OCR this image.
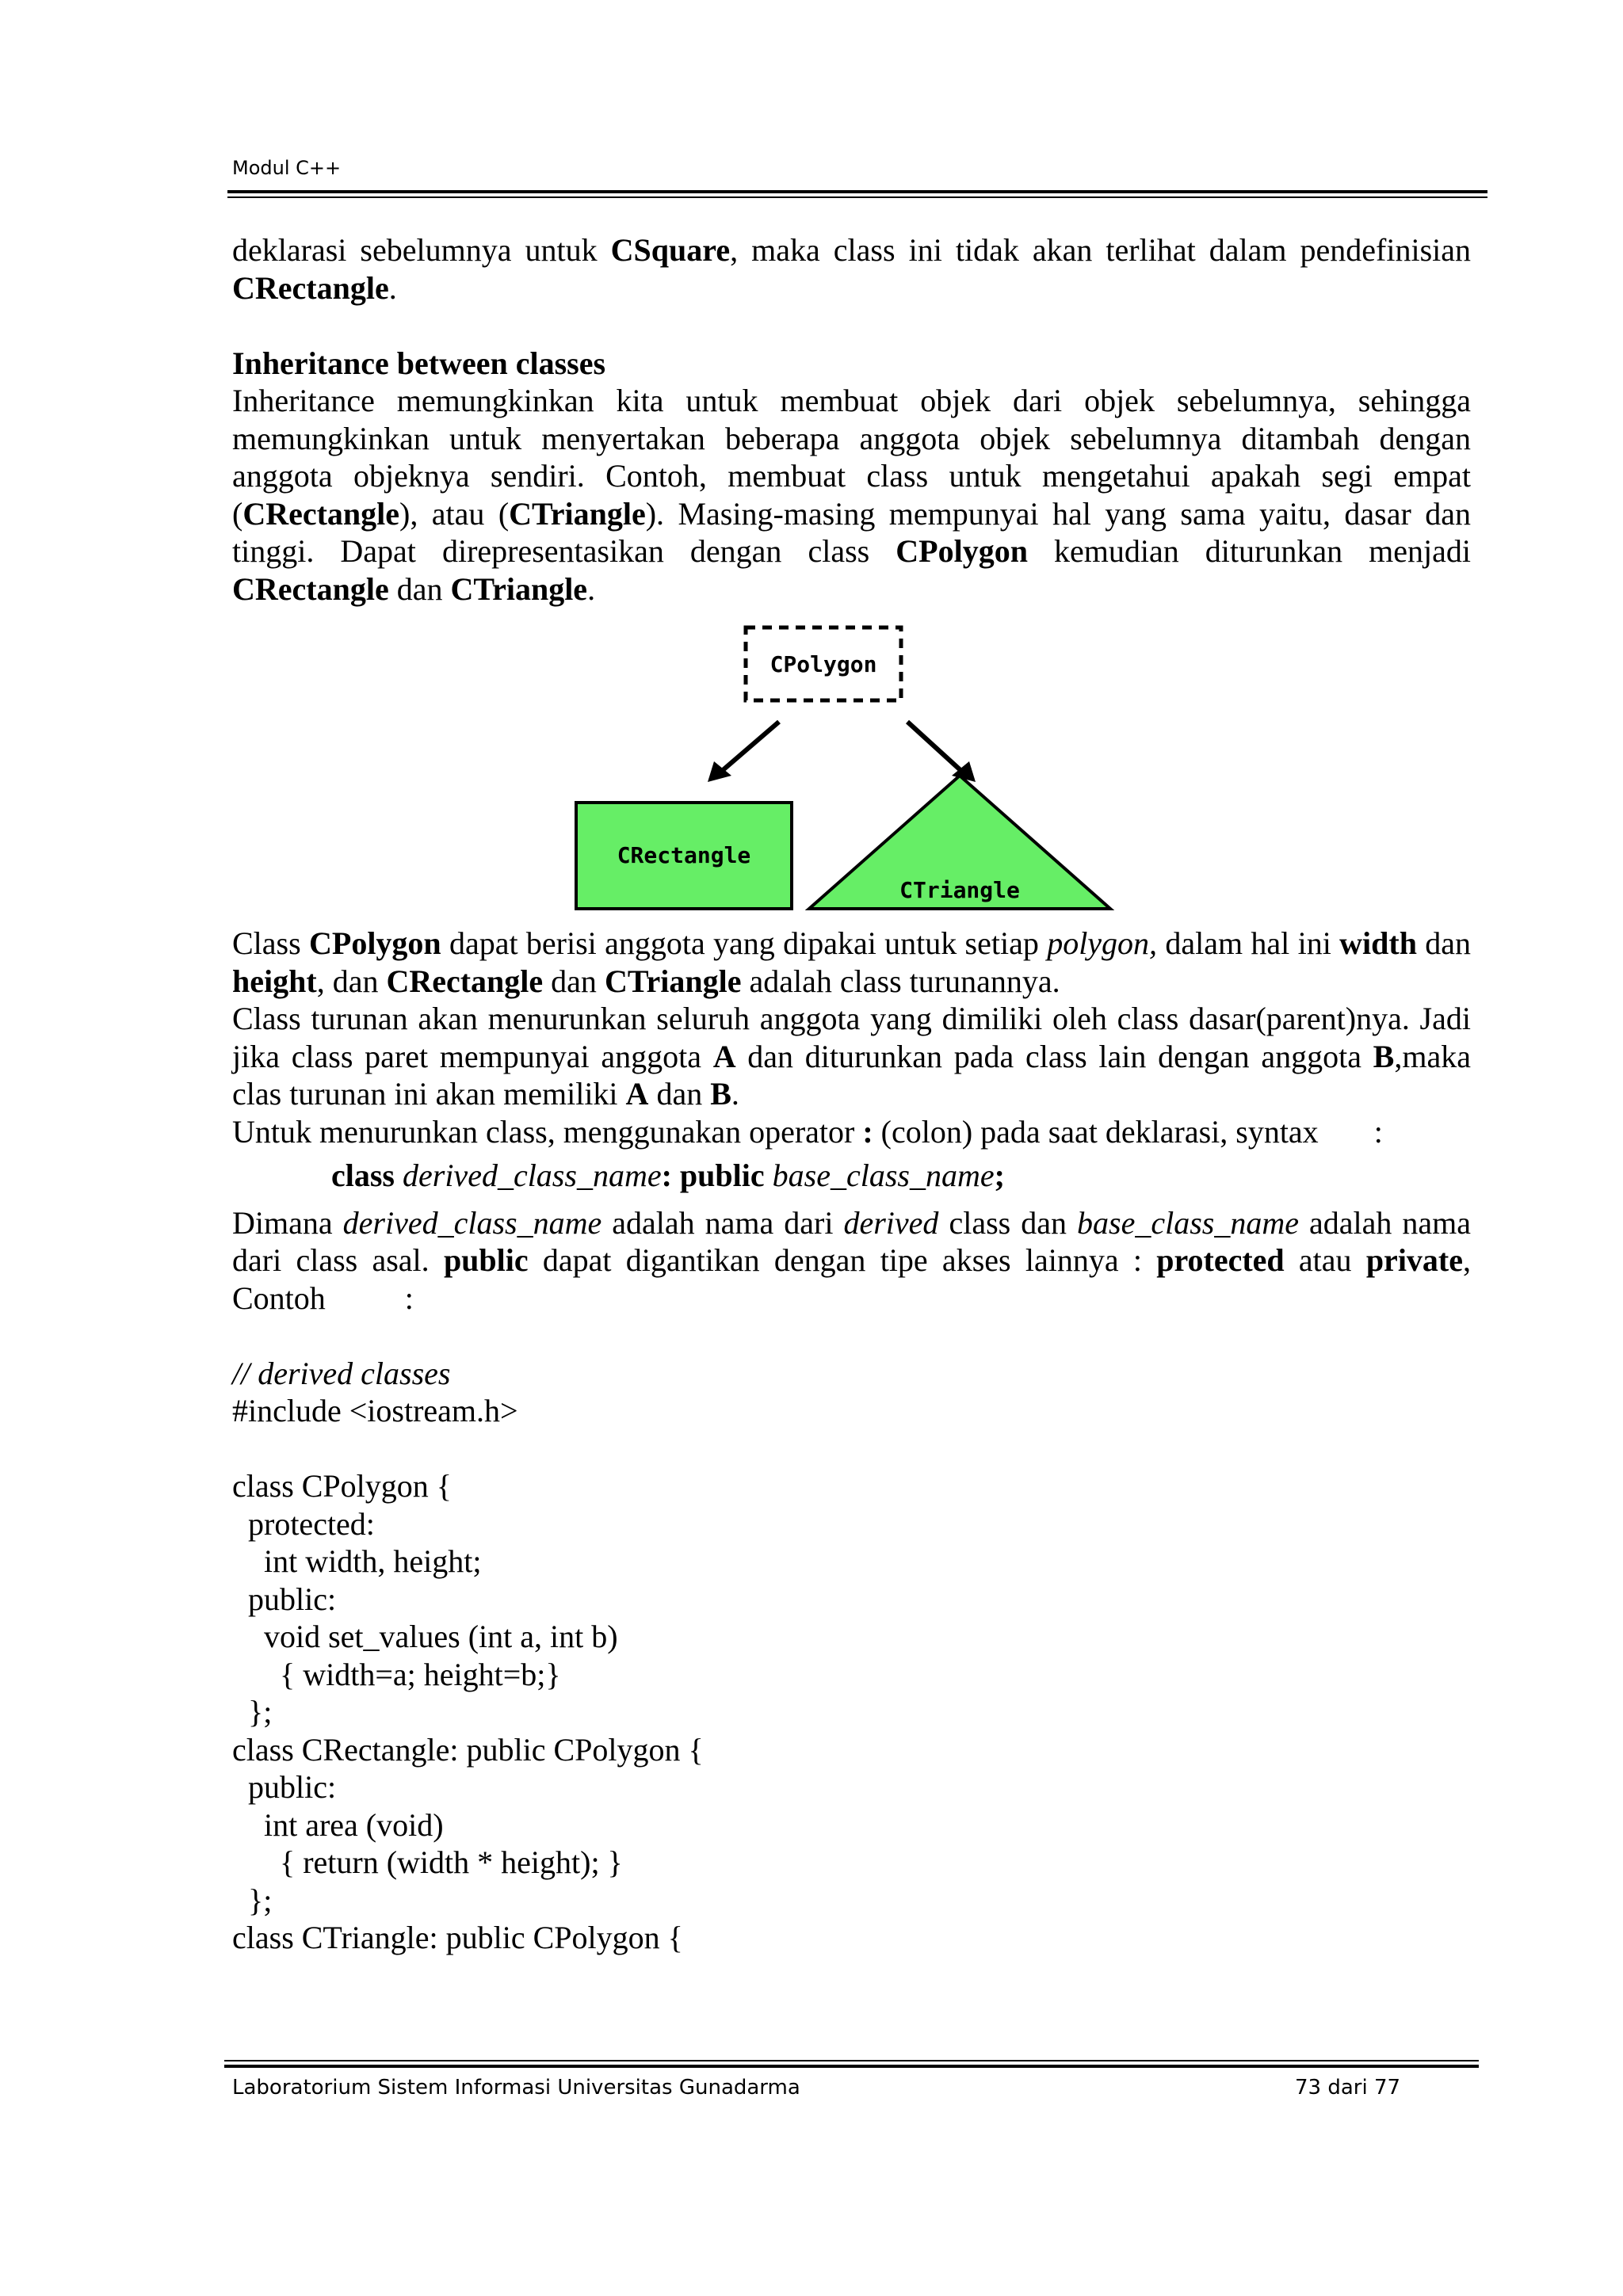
Modul C++
deklarasi sebelumnya untuk CSquare, maka class ini tidak akan terlihat dalam pendefinisian CRectangle.
Inheritance between classes
Inheritance memungkinkan kita untuk membuat objek dari objek sebelumnya, sehingga memungkinkan untuk menyertakan beberapa anggota objek sebelumnya ditambah dengan anggota objeknya sendiri. Contoh, membuat class untuk mengetahui apakah segi empat (CRectangle), atau (CTriangle). Masing-masing mempunyai hal yang sama yaitu, dasar dan tinggi. Dapat direpresentasikan dengan class CPolygon kemudian diturunkan menjadi CRectangle dan CTriangle.
CPolygon
CRectangle
CTriangle
Class CPolygon dapat berisi anggota yang dipakai untuk setiap polygon, dalam hal ini width dan height, dan CRectangle dan CTriangle adalah class turunannya.
Class turunan akan menurunkan seluruh anggota yang dimiliki oleh class dasar(parent)nya. Jadi jika class paret mempunyai anggota A dan diturunkan pada class lain dengan anggota B,maka clas turunan ini akan memiliki A dan B.
Untuk menurunkan class, menggunakan operator : (colon) pada saat deklarasi, syntax :
class derived_class_name: public base_class_name;
Dimana derived_class_name adalah nama dari derived class dan base_class_name adalah nama dari class asal. public dapat digantikan dengan tipe akses lainnya : protected atau private, Contoh	:
// derived classes
#include <iostream.h>
class CPolygon {
protected:
int width, height;
public:
void set_values (int a, int b)
{ width=a; height=b;}
};
class CRectangle: public CPolygon {
public:
int area (void)
{ return (width * height); }
};
class CTriangle: public CPolygon {
Laboratorium Sistem Informasi Universitas Gunadarma	73 dari 77
